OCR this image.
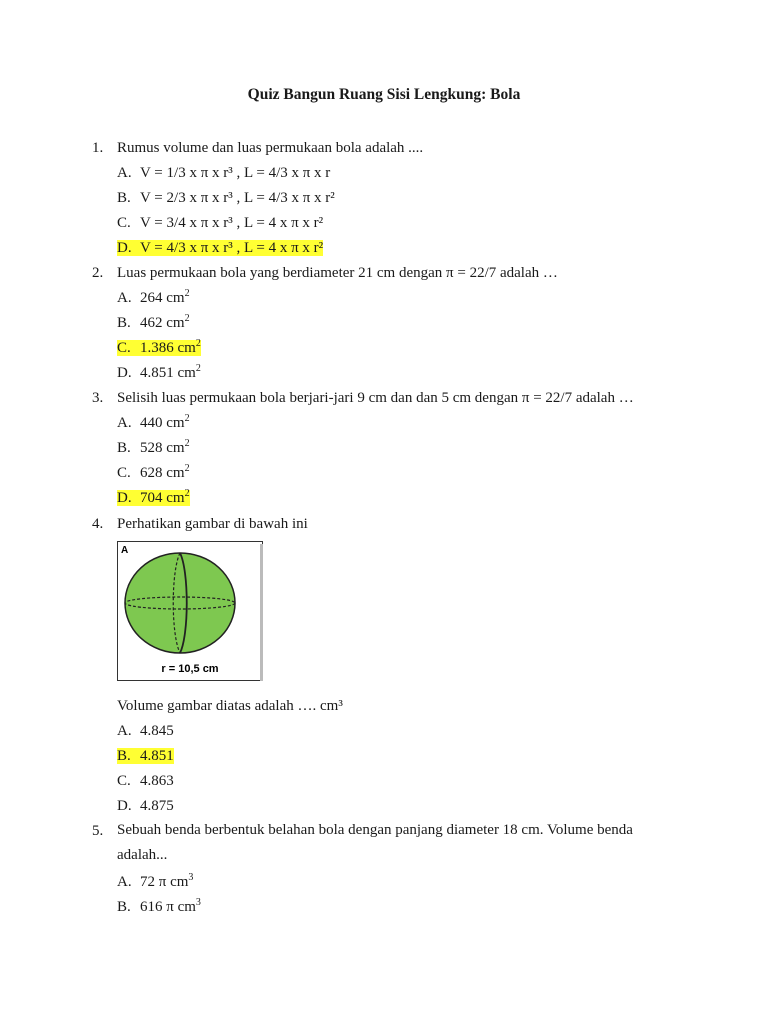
Quiz Bangun Ruang Sisi Lengkung: Bola
1. Rumus volume dan luas permukaan bola adalah ....
A. V = 1/3 x π x r³ , L = 4/3 x π x r
B. V = 2/3 x π x r³ , L = 4/3 x π x r²
C. V = 3/4 x π x r³ , L = 4 x π x r²
D. V = 4/3 x π x r³ , L = 4 x π x r²
2. Luas permukaan bola yang berdiameter 21 cm dengan π = 22/7 adalah …
A. 264 $cm^2$
B. 462 $cm^2$
C. 1.386 $cm^2$
D. 4.851 $cm^2$
3. Selisih luas permukaan bola berjari-jari 9 cm dan dan 5 cm dengan π = 22/7 adalah …
A. 440 $cm^2$
B. 528 $cm^2$
C. 628 $cm^2$
D. 704 $cm^2$
4. Perhatikan gambar di bawah ini
A
r = 10,5 cm
Volume gambar diatas adalah …. cm³
A. 4.845
B. 4.851
C. 4.863
D. 4.875
5. Sebuah benda berbentuk belahan bola dengan panjang diameter 18 cm. Volume benda adalah...
A. 72 π $cm^3$
B. 616 π $cm^3$
